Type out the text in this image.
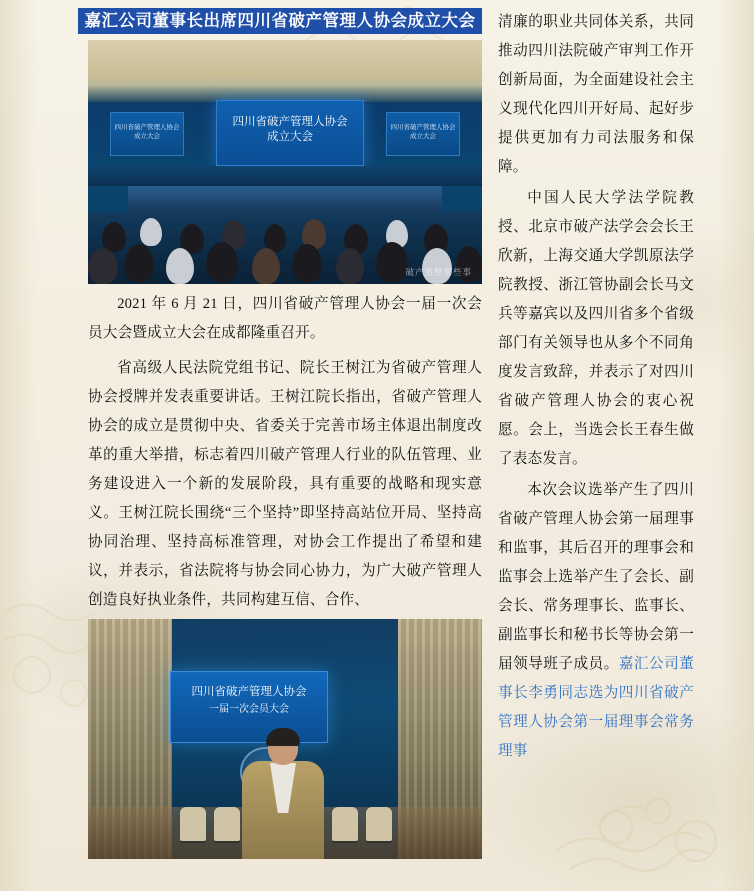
嘉汇公司董事长出席四川省破产管理人协会成立大会
四川省破产管理人协会
成立大会
四川省破产管理人协会
成立大会
四川省破产管理人协会
成立大会
破产重整那些事

2021 年 6 月 21 日，四川省破产管理人协会一届一次会员大会暨成立大会在成都隆重召开。

省高级人民法院党组书记、院长王树江为省破产管理人协会授牌并发表重要讲话。王树江院长指出，省破产管理人协会的成立是贯彻中央、省委关于完善市场主体退出制度改革的重大举措，标志着四川破产管理人行业的队伍管理、业务建设进入一个新的发展阶段，具有重要的战略和现实意义。王树江院长围绕“三个坚持”即坚持高站位开局、坚持高协同治理、坚持高标准管理，对协会工作提出了希望和建议，并表示，省法院将与协会同心协力，为广大破产管理人创造良好执业条件，共同构建互信、合作、

四川省破产管理人协会
一届一次会员大会

清廉的职业共同体关系，共同推动四川法院破产审判工作开创新局面，为全面建设社会主义现代化四川开好局、起好步提供更加有力司法服务和保障。

中国人民大学法学院教授、北京市破产法学会会长王欣新，上海交通大学凯原法学院教授、浙江管协副会长马文兵等嘉宾以及四川省多个省级部门有关领导也从多个不同角度发言致辞，并表示了对四川省破产管理人协会的衷心祝愿。会上，当选会长王春生做了表态发言。

本次会议选举产生了四川省破产管理人协会第一届理事和监事，其后召开的理事会和监事会上选举产生了会长、副会长、常务理事长、监事长、副监事长和秘书长等协会第一届领导班子成员。嘉汇公司董事长李勇同志选为四川省破产管理人协会第一届理事会常务理事
